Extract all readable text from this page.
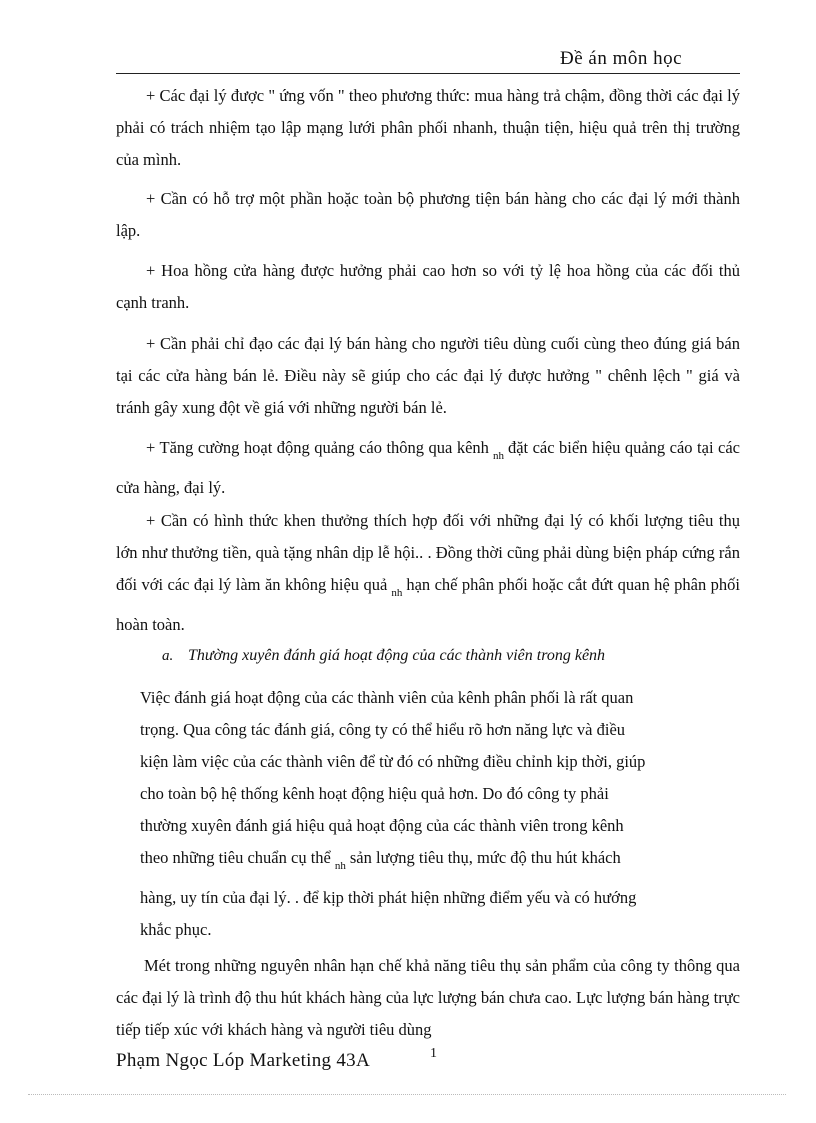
Đề án môn học

+ Các đại lý được " ứng vốn " theo phương thức: mua hàng trả chậm, đồng thời các đại lý phải có trách nhiệm tạo lập mạng lưới phân phối nhanh, thuận tiện, hiệu quả trên thị trường của mình.

+ Cần có hỗ trợ một phần hoặc toàn bộ phương tiện bán hàng cho các đại lý mới thành lập.

+ Hoa hồng cửa hàng được hưởng phải cao hơn so với tỷ lệ hoa hồng của các đối thủ cạnh tranh.

+ Cần phải chỉ đạo các đại lý bán hàng cho người tiêu dùng cuối cùng theo đúng giá bán tại các cửa hàng bán lẻ. Điều này sẽ giúp cho các đại lý được hưởng " chênh lệch " giá và tránh gây xung đột về giá với những người bán lẻ.

+ Tăng cường hoạt động quảng cáo thông qua kênh $_{nh}$ đặt các biển hiệu quảng cáo tại các cửa hàng, đại lý.

+ Cần có hình thức khen thưởng thích hợp đối với những đại lý có khối lượng tiêu thụ lớn như thưởng tiền, quà tặng nhân dịp lễ hội.. . Đồng thời cũng phải dùng biện pháp cứng rắn đối với các đại lý làm ăn không hiệu quả $_{nh}$ hạn chế phân phối hoặc cắt đứt quan hệ phân phối hoàn toàn.

a. Thường xuyên đánh giá hoạt động của các thành viên trong kênh
Việc đánh giá hoạt động của các thành viên của kênh phân phối là rất quan
trọng. Qua công tác đánh giá, công ty có thể hiểu rõ hơn năng lực và điều
kiện làm việc của các thành viên để từ đó có những điều chỉnh kịp thời, giúp
cho toàn bộ hệ thống kênh hoạt động hiệu quả hơn. Do đó công ty phải
thường xuyên đánh giá hiệu quả hoạt động của các thành viên trong kênh
theo những tiêu chuẩn cụ thể $_{nh}$ sản lượng tiêu thụ, mức độ thu hút khách
hàng, uy tín của đại lý. . để kịp thời phát hiện những điểm yếu và có hướng
khắc phục.

Mét trong những nguyên nhân hạn chế khả năng tiêu thụ sản phẩm của công ty thông qua các đại lý là trình độ thu hút khách hàng của lực lượng bán chưa cao. Lực lượng bán hàng trực tiếp tiếp xúc với khách hàng và người tiêu dùng

Phạm Ngọc Lóp Marketing 43A	1
